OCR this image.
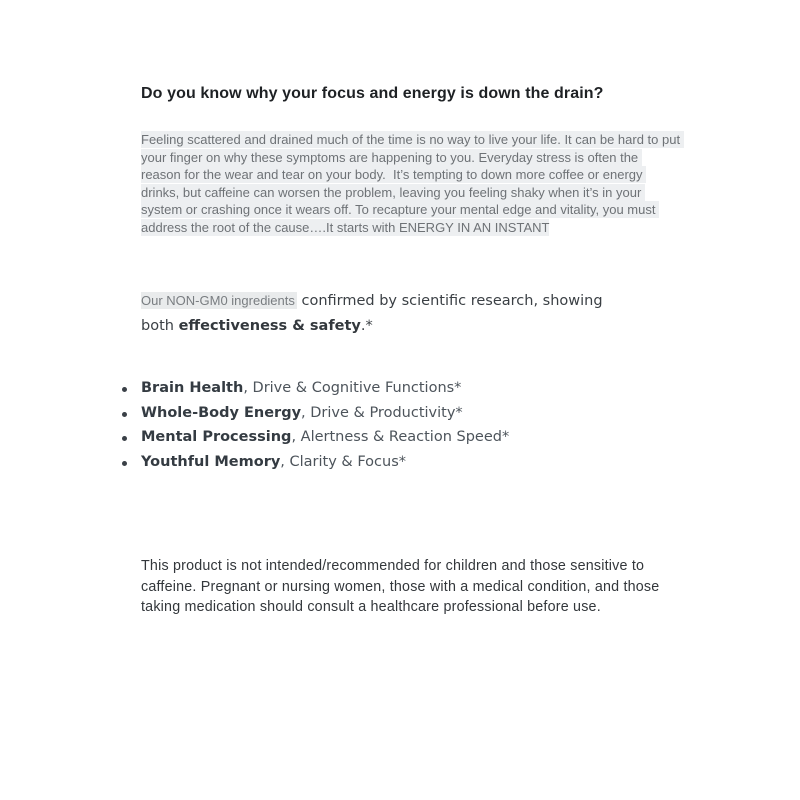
Do you know why your focus and energy is down the drain?

Feeling scattered and drained much of the time is no way to live your life. It can be hard to put your finger on why these symptoms are happening to you. Everyday stress is often the reason for the wear and tear on your body.  It’s tempting to down more coffee or energy drinks, but caffeine can worsen the problem, leaving you feeling shaky when it’s in your system or crashing once it wears off. To recapture your mental edge and vitality, you must address the root of the cause….It starts with ENERGY IN AN INSTANT

Our NON-GM0 ingredients confirmed by scientific research, showing
both effectiveness & safety.*
Brain Health, Drive & Cognitive Functions*
Whole-Body Energy, Drive & Productivity*
Mental Processing, Alertness & Reaction Speed*
Youthful Memory, Clarity & Focus*

This product is not intended/recommended for children and those sensitive to caffeine. Pregnant or nursing women, those with a medical condition, and those taking medication should consult a healthcare professional before use.
